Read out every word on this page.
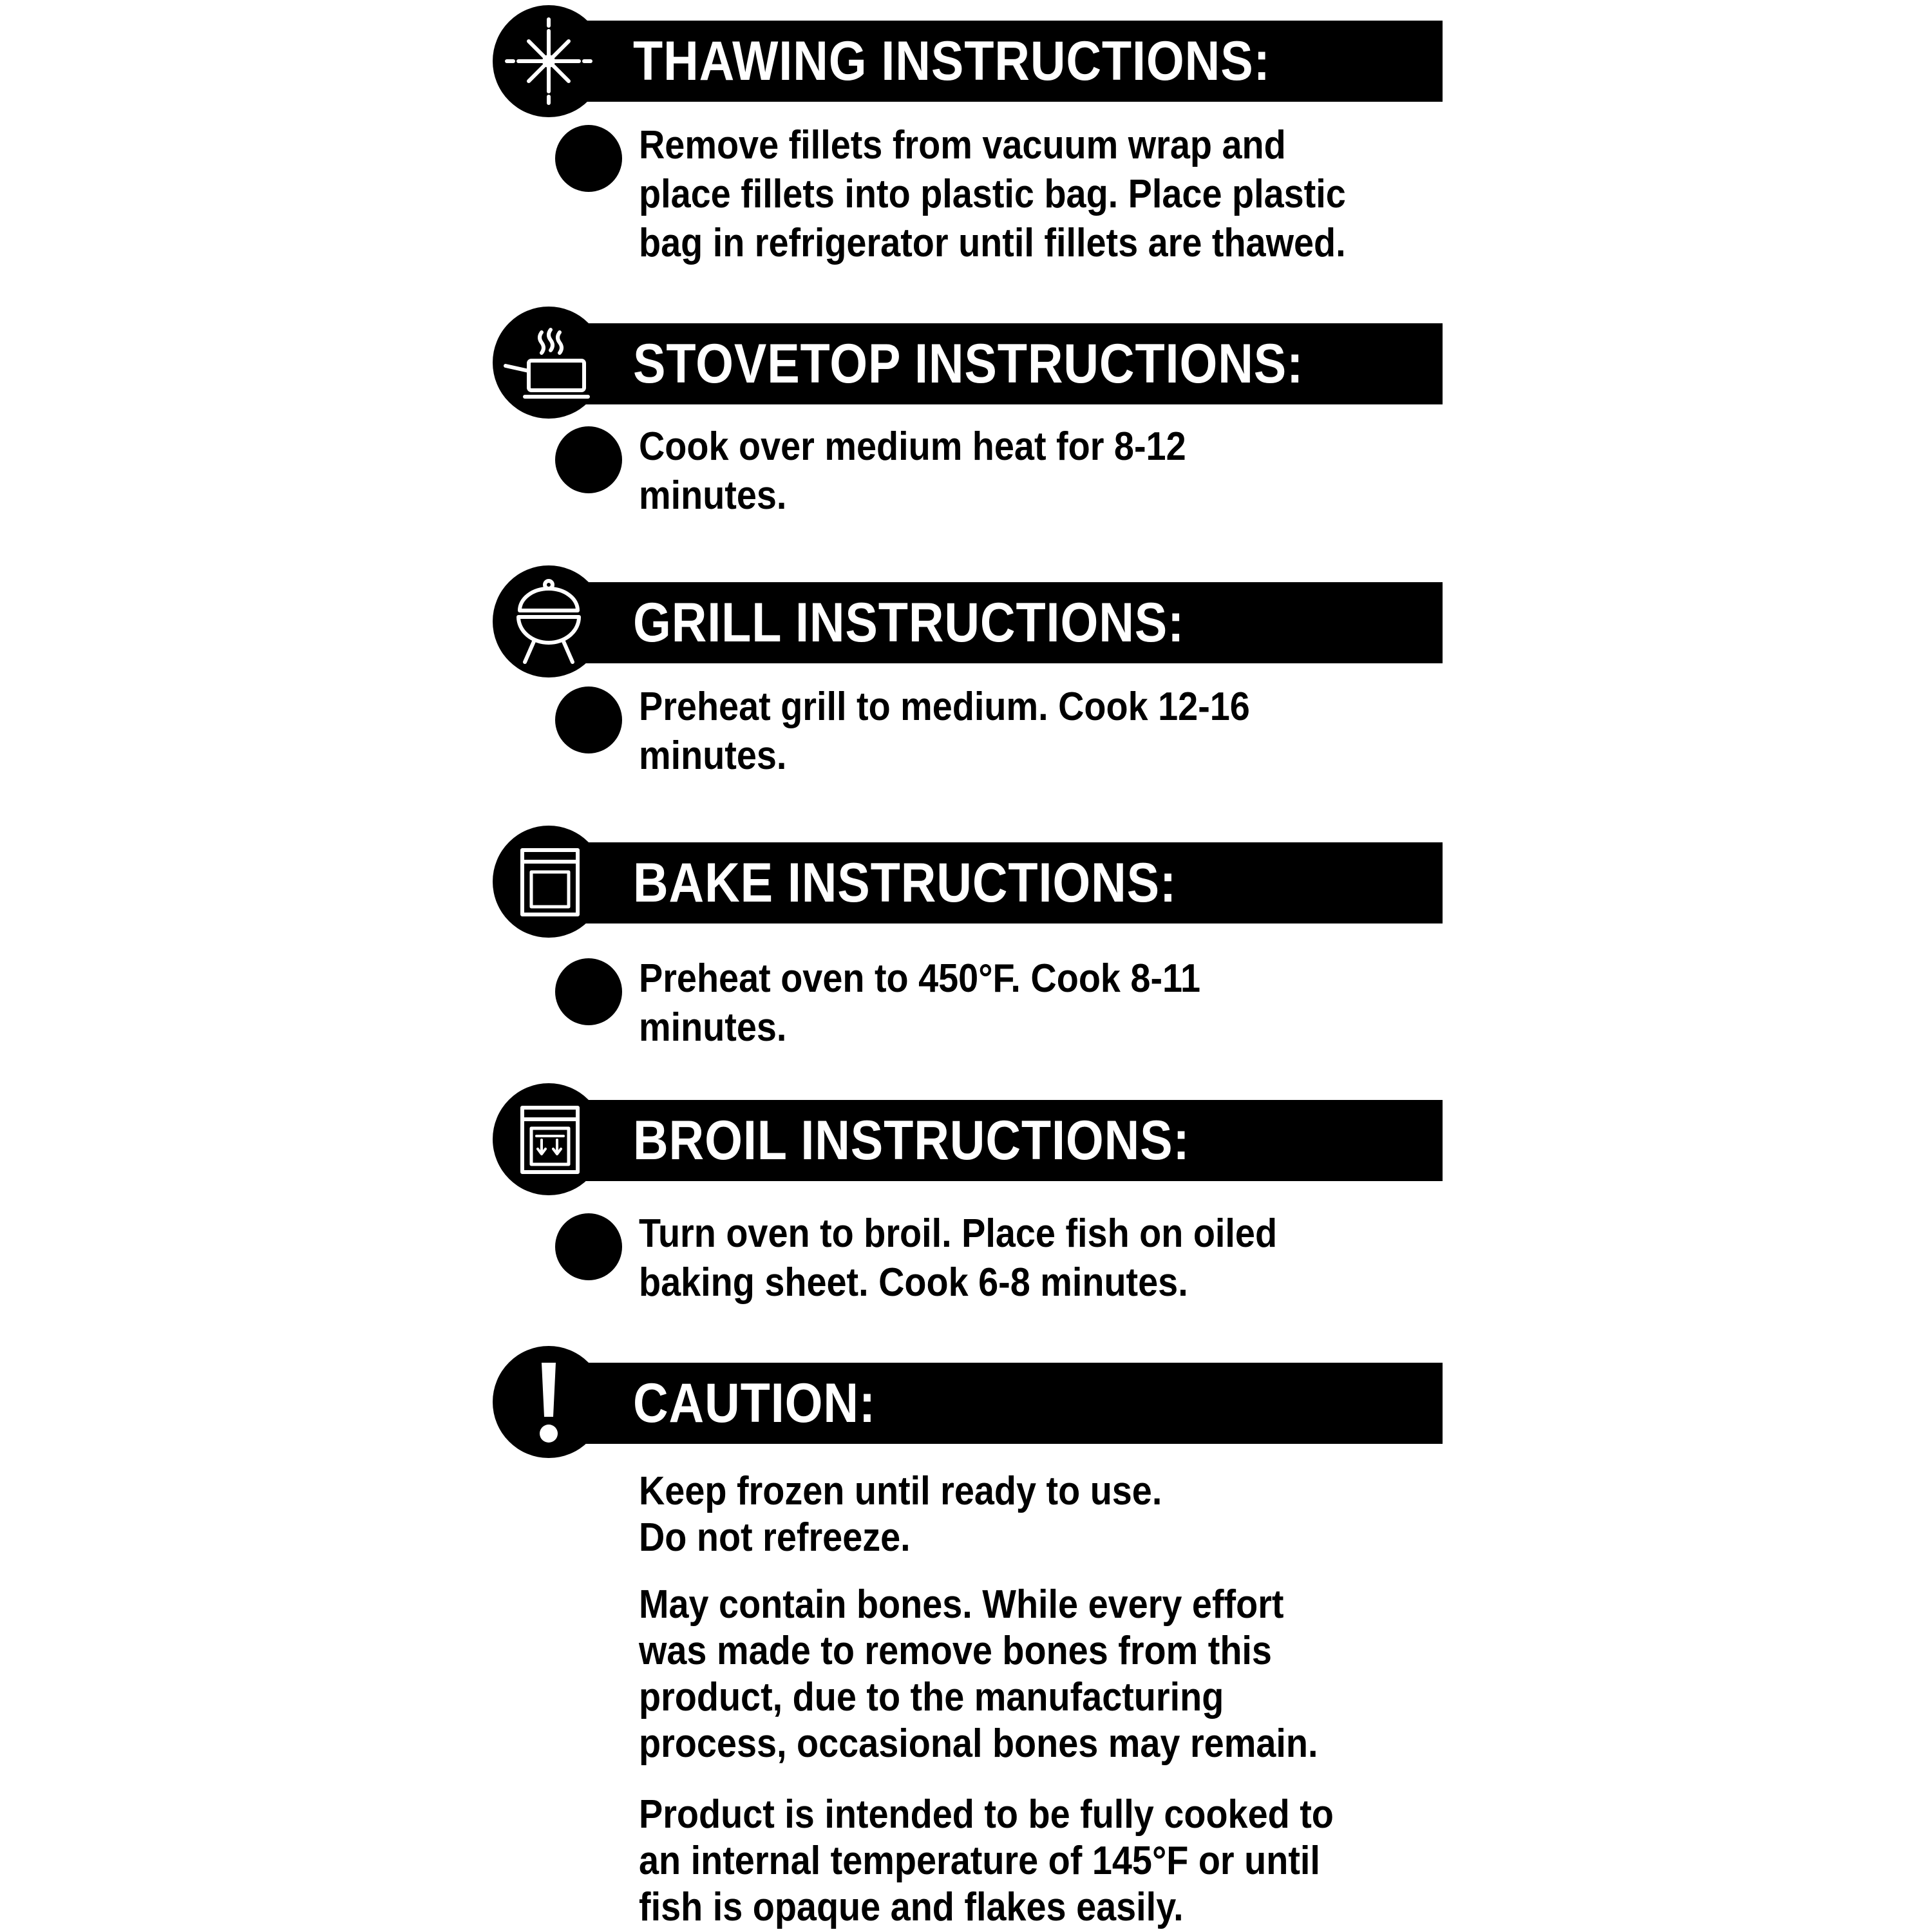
THAWING INSTRUCTIONS:
Remove fillets from vacuum wrap and
place fillets into plastic bag. Place plastic
bag in refrigerator until fillets are thawed.
STOVETOP INSTRUCTIONS:
Cook over medium heat for 8-12
minutes.
GRILL INSTRUCTIONS:
Preheat grill to medium. Cook 12-16
minutes.
BAKE INSTRUCTIONS:
Preheat oven to 450°F. Cook 8-11
minutes.
BROIL INSTRUCTIONS:
Turn oven to broil. Place fish on oiled
baking sheet. Cook 6-8 minutes.
CAUTION:
Keep frozen until ready to use.
Do not refreeze.
May contain bones. While every effort
was made to remove bones from this
product, due to the manufacturing
process, occasional bones may remain.
Product is intended to be fully cooked to
an internal temperature of 145°F or until
fish is opaque and flakes easily.
